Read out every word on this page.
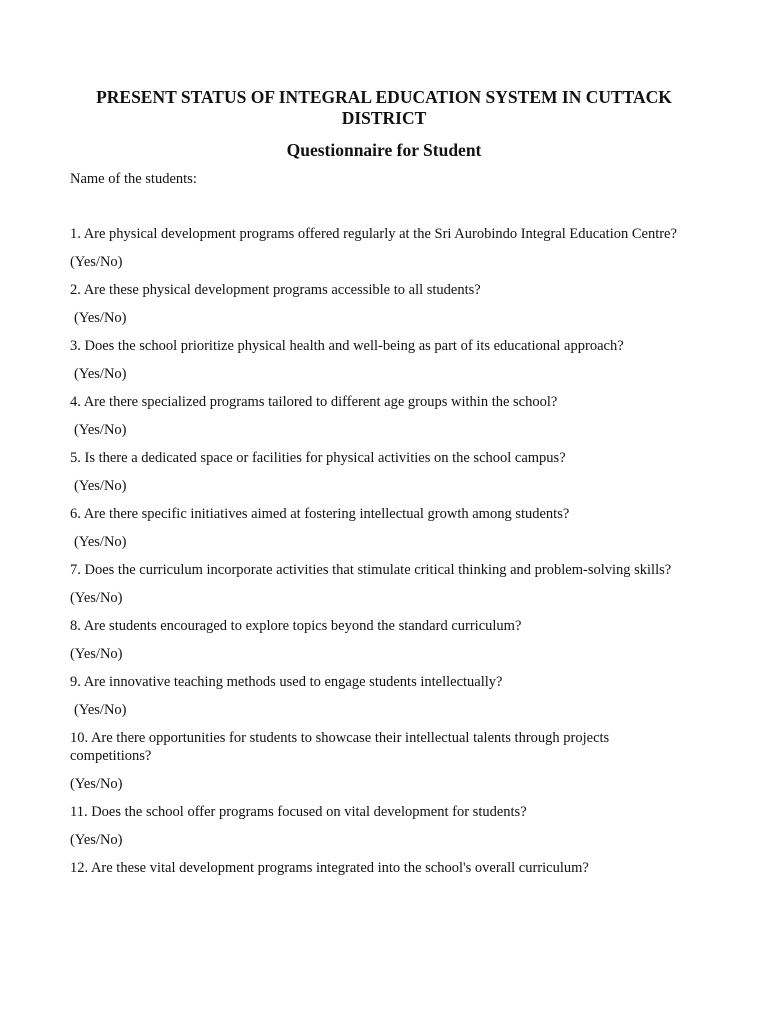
PRESENT STATUS OF INTEGRAL EDUCATION SYSTEM IN CUTTACK DISTRICT
Questionnaire for Student

Name of the students:

1. Are physical development programs offered regularly at the Sri Aurobindo Integral Education Centre?

(Yes/No)

2. Are these physical development programs accessible to all students?

(Yes/No)

3. Does the school prioritize physical health and well-being as part of its educational approach?

(Yes/No)

4. Are there specialized programs tailored to different age groups within the school?

(Yes/No)

5. Is there a dedicated space or facilities for physical activities on the school campus?

(Yes/No)

6. Are there specific initiatives aimed at fostering intellectual growth among students?

(Yes/No)

7. Does the curriculum incorporate activities that stimulate critical thinking and problem-solving skills?

(Yes/No)

8. Are students encouraged to explore topics beyond the standard curriculum?

(Yes/No)

9. Are innovative teaching methods used to engage students intellectually?

(Yes/No)

10. Are there opportunities for students to showcase their intellectual talents through projects competitions?

(Yes/No)

11. Does the school offer programs focused on vital development for students?

(Yes/No)

12. Are these vital development programs integrated into the school's overall curriculum?
